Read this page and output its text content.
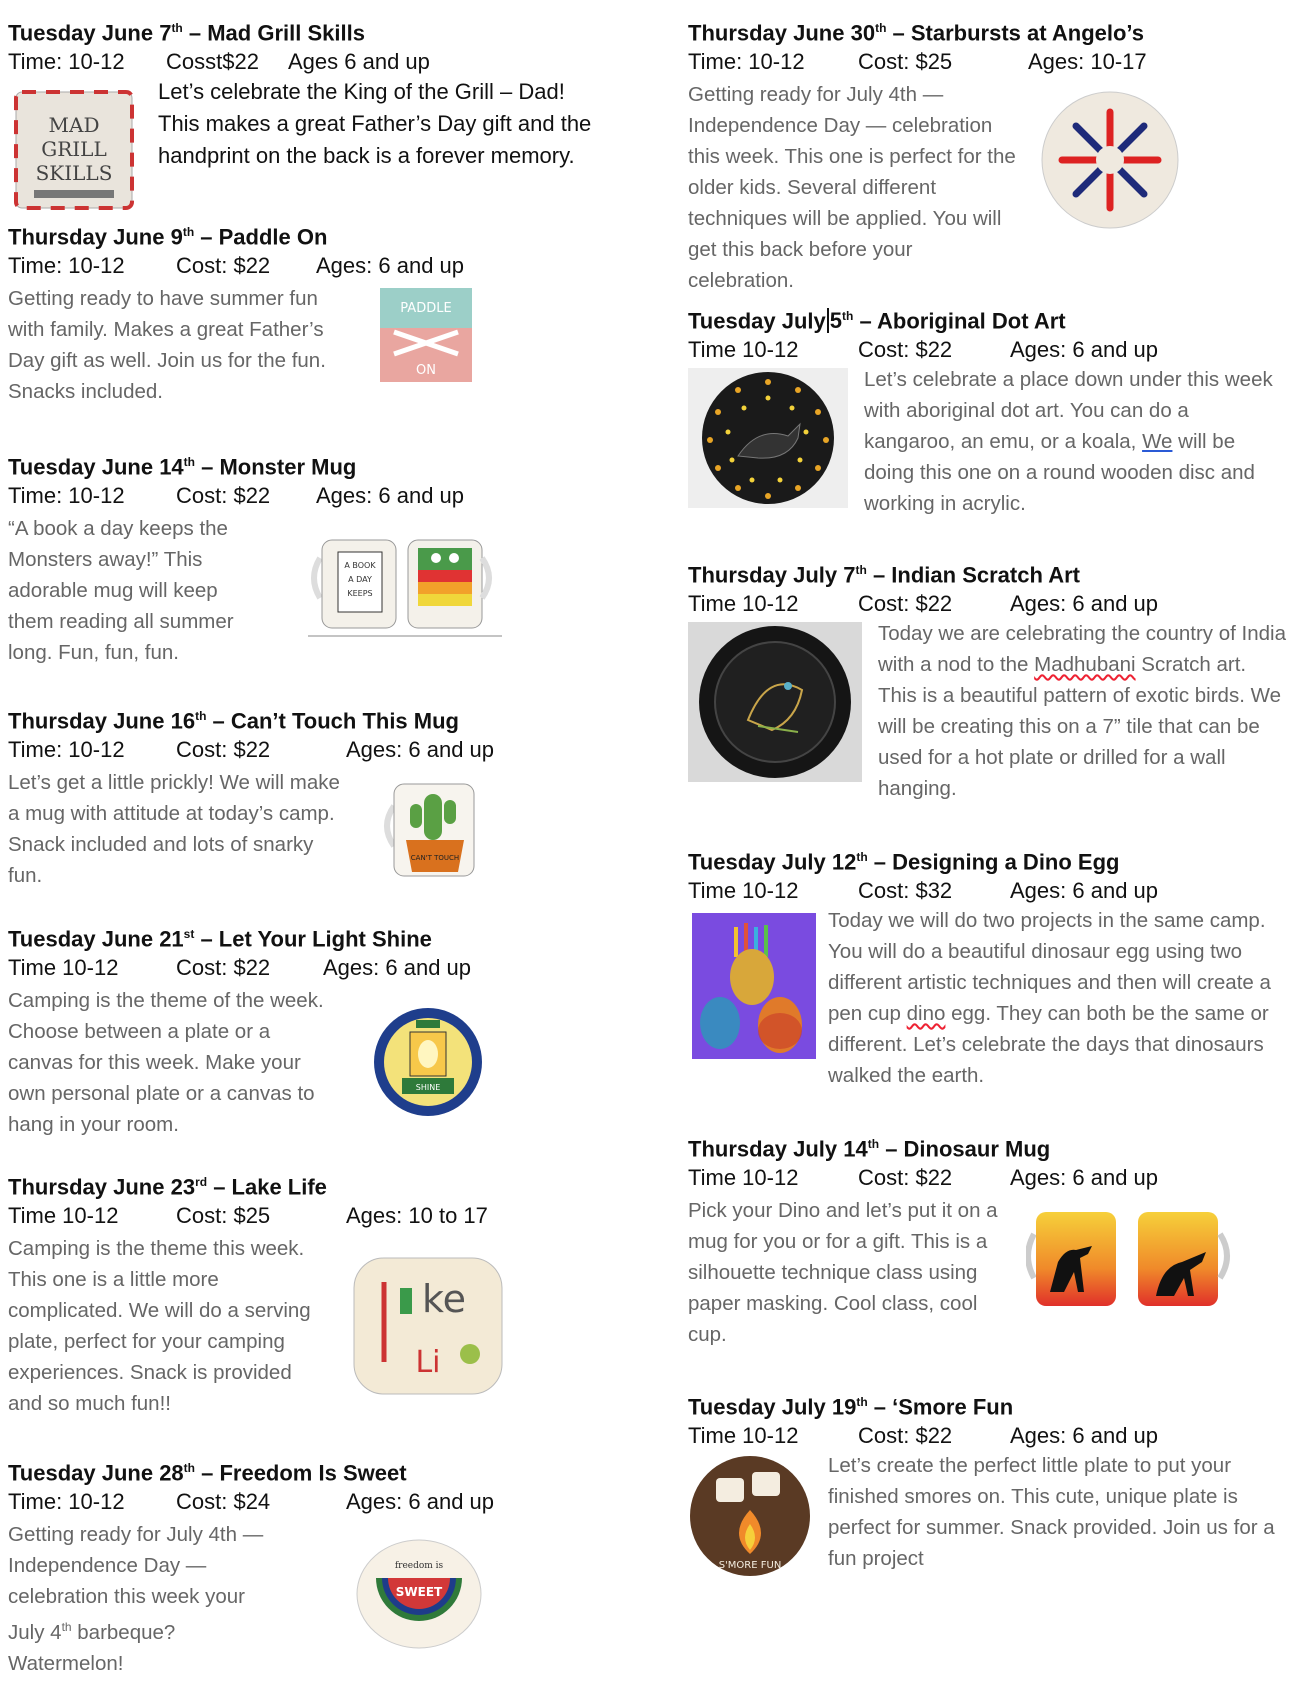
Tuesday June 7th – Mad Grill Skills
Time: 10-12 Cosst$22 Ages 6 and up
MAD
GRILL
SKILLS
Let’s celebrate the King of the Grill – Dad! This makes a great Father’s Day gift and the handprint on the back is a forever memory.
Thursday June 9th – Paddle On
Time: 10-12 Cost: $22 Ages: 6 and up
Getting ready to have summer fun with family. Makes a great Father’s Day gift as well. Join us for the fun. Snacks included.
PADDLE
ON
Tuesday June 14th – Monster Mug
Time: 10-12 Cost: $22 Ages: 6 and up
“A book a day keeps the Monsters away!” This adorable mug will keep them reading all summer long. Fun, fun, fun.
A BOOK
A DAY
KEEPS
Thursday June 16th – Can’t Touch This Mug
Time: 10-12 Cost: $22	Ages: 6 and up
Let’s get a little prickly! We will make a mug with attitude at today’s camp. Snack included and lots of snarky fun.
CAN'T TOUCH
Tuesday June 21st – Let Your Light Shine
Time 10-12	Cost: $22 Ages: 6 and up
Camping is the theme of the week. Choose between a plate or a canvas for this week. Make your own personal plate or a canvas to hang in your room.
SHINE
Thursday June 23rd – Lake Life
Time 10-12	Cost: $25	Ages: 10 to 17
Camping is the theme this week. This one is a little more complicated. We will do a serving plate, perfect for your camping experiences. Snack is provided and so much fun!!
ke
Li
Tuesday June 28th – Freedom Is Sweet
Time: 10-12 Cost: $24	Ages: 6 and up
Getting ready for July 4th — Independence Day — celebration this week your July 4th barbeque? Watermelon!
SWEET
freedom is
Thursday June 30th – Starbursts at Angelo’s
Time: 10-12 Cost: $25	Ages: 10-17
Getting ready for July 4th — Independence Day — celebration this week. This one is perfect for the older kids. Several different techniques will be applied. You will get this back before your celebration.
Tuesday July 5th – Aboriginal Dot Art
Time 10-12	Cost: $22	Ages: 6 and up
Let’s celebrate a place down under this week with aboriginal dot art. You can do a kangaroo, an emu, or a koala, We will be doing this one on a round wooden disc and working in acrylic.
Thursday July 7th – Indian Scratch Art
Time 10-12	Cost: $22	Ages: 6 and up
Today we are celebrating the country of India with a nod to the Madhubani Scratch art. This is a beautiful pattern of exotic birds. We will be creating this on a 7” tile that can be used for a hot plate or drilled for a wall hanging.
Tuesday July 12th – Designing a Dino Egg
Time 10-12	Cost: $32	Ages: 6 and up
Today we will do two projects in the same camp. You will do a beautiful dinosaur egg using two different artistic techniques and then will create a pen cup dino egg. They can both be the same or different. Let’s celebrate the days that dinosaurs walked the earth.
Thursday July 14th – Dinosaur Mug
Time 10-12	Cost: $22	Ages: 6 and up
Pick your Dino and let’s put it on a mug for you or for a gift. This is a silhouette technique class using paper masking. Cool class, cool cup.
Tuesday July 19th – ‘Smore Fun
Time 10-12	Cost: $22	Ages: 6 and up
S'MORE FUN
Let’s create the perfect little plate to put your finished smores on. This cute, unique plate is perfect for summer. Snack provided. Join us for a fun project
